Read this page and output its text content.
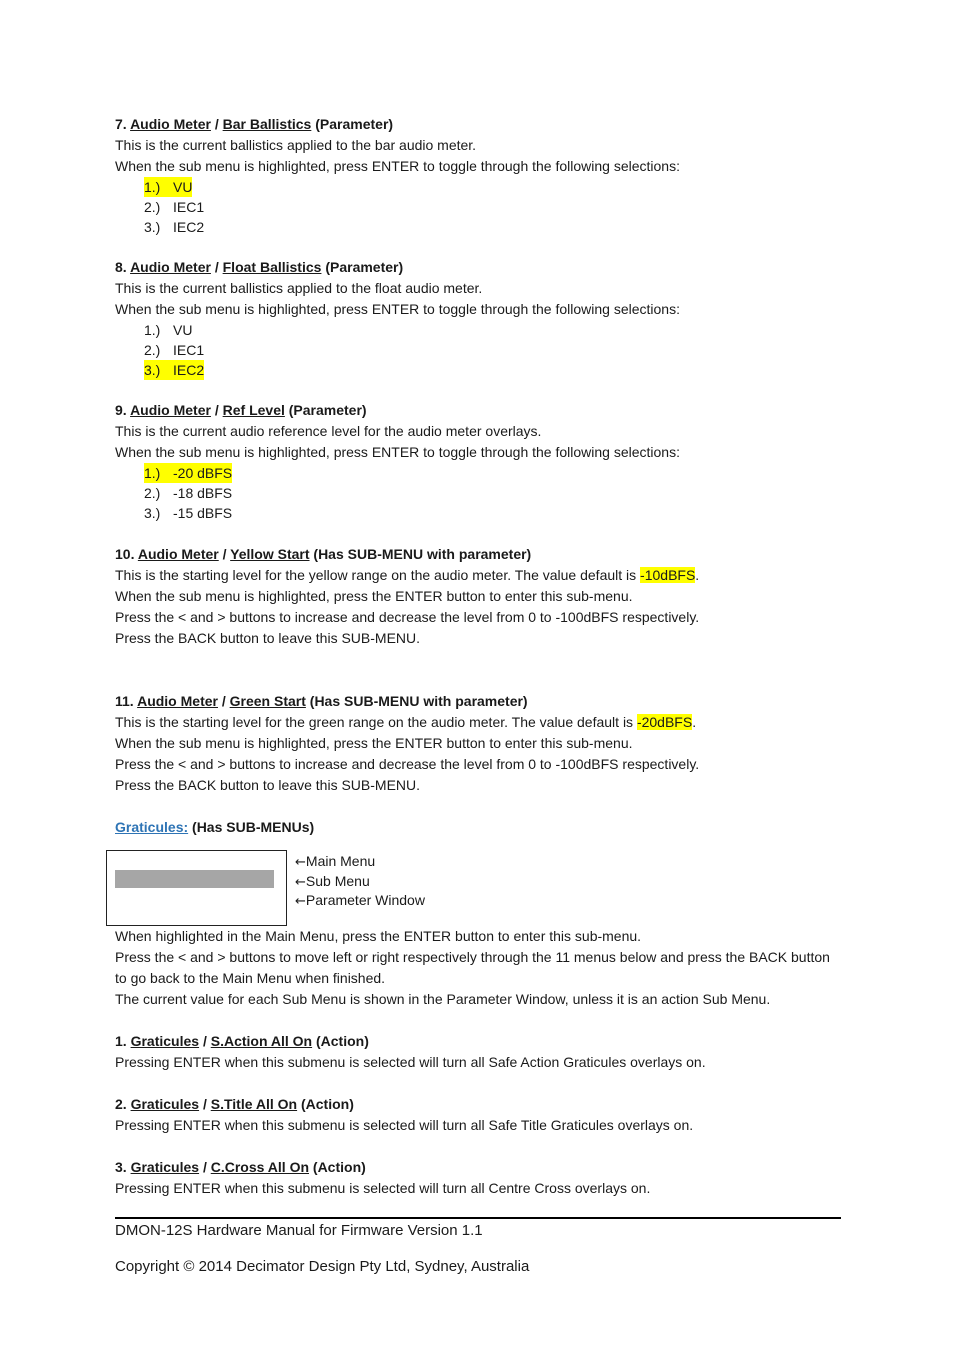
7. Audio Meter / Bar Ballistics (Parameter)

This is the current ballistics applied to the bar audio meter.

When the sub menu is highlighted, press ENTER to toggle through the following selections:

1.) VU
2.) IEC1
3.) IEC2
8. Audio Meter / Float Ballistics (Parameter)

This is the current ballistics applied to the float audio meter.

When the sub menu is highlighted, press ENTER to toggle through the following selections:

1.) VU
2.) IEC1
3.) IEC2
9. Audio Meter / Ref Level (Parameter)

This is the current audio reference level for the audio meter overlays.

When the sub menu is highlighted, press ENTER to toggle through the following selections:

1.) -20 dBFS
2.) -18 dBFS
3.) -15 dBFS
10. Audio Meter / Yellow Start (Has SUB-MENU with parameter)

This is the starting level for the yellow range on the audio meter. The value default is -10dBFS.

When the sub menu is highlighted, press the ENTER button to enter this sub-menu.

Press the < and > buttons to increase and decrease the level from 0 to -100dBFS respectively.

Press the BACK button to leave this SUB-MENU.

11. Audio Meter / Green Start (Has SUB-MENU with parameter)

This is the starting level for the green range on the audio meter. The value default is -20dBFS.

When the sub menu is highlighted, press the ENTER button to enter this sub-menu.

Press the < and > buttons to increase and decrease the level from 0 to -100dBFS respectively.

Press the BACK button to leave this SUB-MENU.

Graticules: (Has SUB-MENUs)
←Main Menu
←Sub Menu
←Parameter Window

When highlighted in the Main Menu, press the ENTER button to enter this sub-menu.

Press the < and > buttons to move left or right respectively through the 11 menus below and press the BACK button to go back to the Main Menu when finished.

The current value for each Sub Menu is shown in the Parameter Window, unless it is an action Sub Menu.

1. Graticules / S.Action All On (Action)

Pressing ENTER when this submenu is selected will turn all Safe Action Graticules overlays on.

2. Graticules / S.Title All On (Action)

Pressing ENTER when this submenu is selected will turn all Safe Title Graticules overlays on.

3. Graticules / C.Cross All On (Action)

Pressing ENTER when this submenu is selected will turn all Centre Cross overlays on.

DMON-12S Hardware Manual for Firmware Version 1.1
Copyright © 2014 Decimator Design Pty Ltd, Sydney, Australia
